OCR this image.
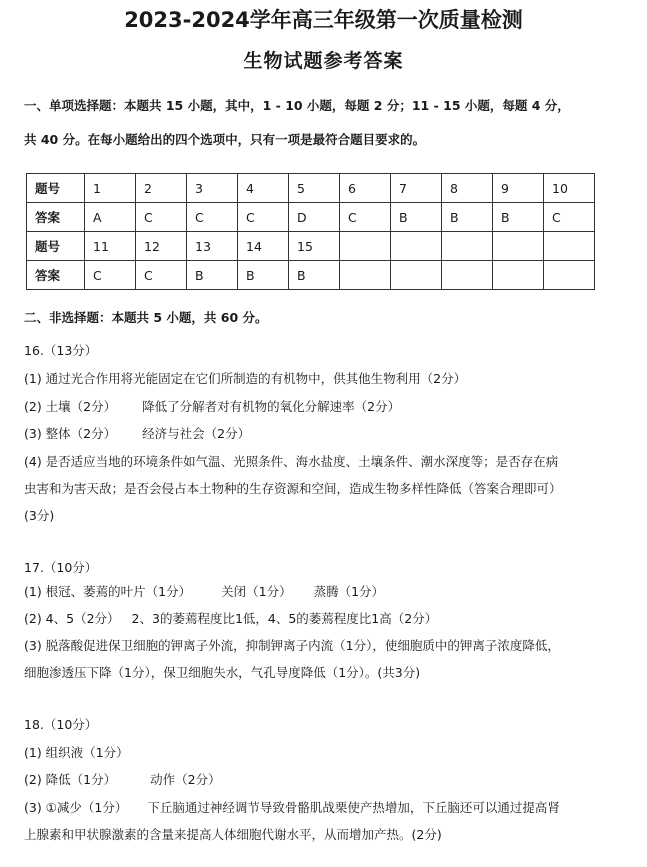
2023-2024学年高三年级第一次质量检测
生物试题参考答案
一、单项选择题：本题共 15 小题，其中，1 - 10 小题，每题 2 分；11 - 15 小题，每题 4 分，
共 40 分。在每小题给出的四个选项中，只有一项是最符合题目要求的。
题号	1	2	3	4	5	6	7	8	9	10
答案	A	C	C	C	D	C	B	B	B	C
题号	11	12	13	14	15					
答案	C	C	B	B	B					
二、非选择题：本题共 5 小题，共 60 分。
16.（13分）
(1) 通过光合作用将光能固定在它们所制造的有机物中，供其他生物利用（2分）
(2) 土壤（2分） 降低了分解者对有机物的氧化分解速率（2分）
(3) 整体（2分） 经济与社会（2分）
(4) 是否适应当地的环境条件如气温、光照条件、海水盐度、土壤条件、潮水深度等；是否存在病
虫害和为害天敌；是否会侵占本土物种的生存资源和空间，造成生物多样性降低（答案合理即可）
(3分)
17.（10分）
(1) 根冠、萎蔫的叶片（1分） 关闭（1分） 蒸腾（1分）
(2) 4、5（2分） 2、3的萎蔫程度比1低，4、5的萎蔫程度比1高（2分）
(3) 脱落酸促进保卫细胞的钾离子外流，抑制钾离子内流（1分），使细胞质中的钾离子浓度降低，
细胞渗透压下降（1分），保卫细胞失水，气孔导度降低（1分）。(共3分)
18.（10分）
(1) 组织液（1分）
(2) 降低（1分）	动作（2分）
(3) ①减少（1分） 下丘脑通过神经调节导致骨骼肌战栗使产热增加，下丘脑还可以通过提高肾
上腺素和甲状腺激素的含量来提高人体细胞代谢水平，从而增加产热。(2分)
